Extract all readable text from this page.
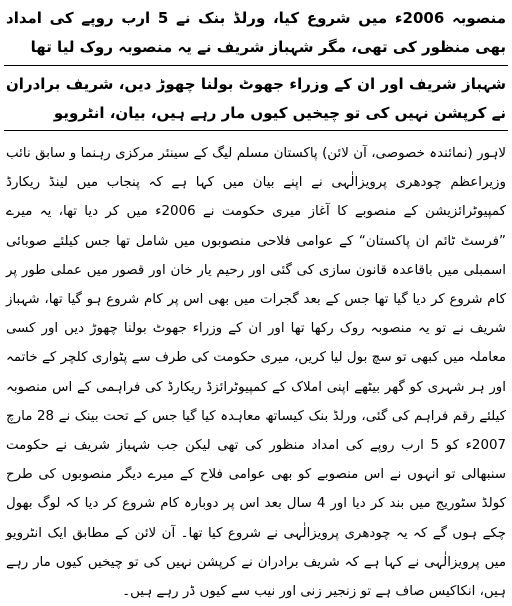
منصوبہ 2006ء میں شروع کیا، ورلڈ بنک نے 5 ارب روپے کی امداد بھی منظور کی تھی، مگر شہباز شریف نے یہ منصوبہ روک لیا تھا

شہباز شریف اور ان کے وزراء جھوٹ بولنا چھوڑ دیں، شریف برادران نے کرپشن نہیں کی تو چیخیں کیوں مار رہے ہیں، بیان، انٹرویو

لاہور (نمائندہ خصوصی، آن لائن) پاکستان مسلم لیگ کے سینئر مرکزی رہنما و سابق نائب وزیراعظم چودھری پرویزالٰہی نے اپنے بیان میں کہا ہے کہ پنجاب میں لینڈ ریکارڈ کمپیوٹرائزیشن کے منصوبے کا آغاز میری حکومت نے 2006ء میں کر دیا تھا، یہ میرے ”فرسٹ ٹائم ان پاکستان“ کے عوامی فلاحی منصوبوں میں شامل تھا جس کیلئے صوبائی اسمبلی میں باقاعدہ قانون سازی کی گئی اور رحیم یار خان اور قصور میں عملی طور پر کام شروع کر دیا گیا تھا جس کے بعد گجرات میں بھی اس پر کام شروع ہو گیا تھا، شہباز شریف نے تو یہ منصوبہ روک رکھا تھا اور ان کے وزراء جھوٹ بولنا چھوڑ دیں اور کسی معاملہ میں کبھی تو سچ بول لیا کریں، میری حکومت کی طرف سے پٹواری کلچر کے خاتمہ اور ہر شہری کو گھر بیٹھے اپنی املاک کے کمپیوٹرائزڈ ریکارڈ کی فراہمی کے اس منصوبہ کیلئے رقم فراہم کی گئی، ورلڈ بنک کیساتھ معاہدہ کیا گیا جس کے تحت بینک نے 28 مارچ 2007ء کو 5 ارب روپے کی امداد منظور کی تھی لیکن جب شہباز شریف نے حکومت سنبھالی تو انہوں نے اس منصوبے کو بھی عوامی فلاح کے میرے دیگر منصوبوں کی طرح کولڈ سٹوریج میں بند کر دیا اور 4 سال بعد اس پر دوبارہ کام شروع کر دیا کہ لوگ بھول چکے ہوں گے کہ یہ چودھری پرویزالٰہی نے شروع کیا تھا۔ آن لائن کے مطابق ایک انٹرویو میں پرویزالٰہی نے کہا ہے کہ شریف برادران نے کرپشن نہیں کی تو چیخیں کیوں مار رہے ہیں، انکاکیس صاف ہے تو زنجیر زنی اور نیب سے کیوں ڈر رہے ہیں۔
